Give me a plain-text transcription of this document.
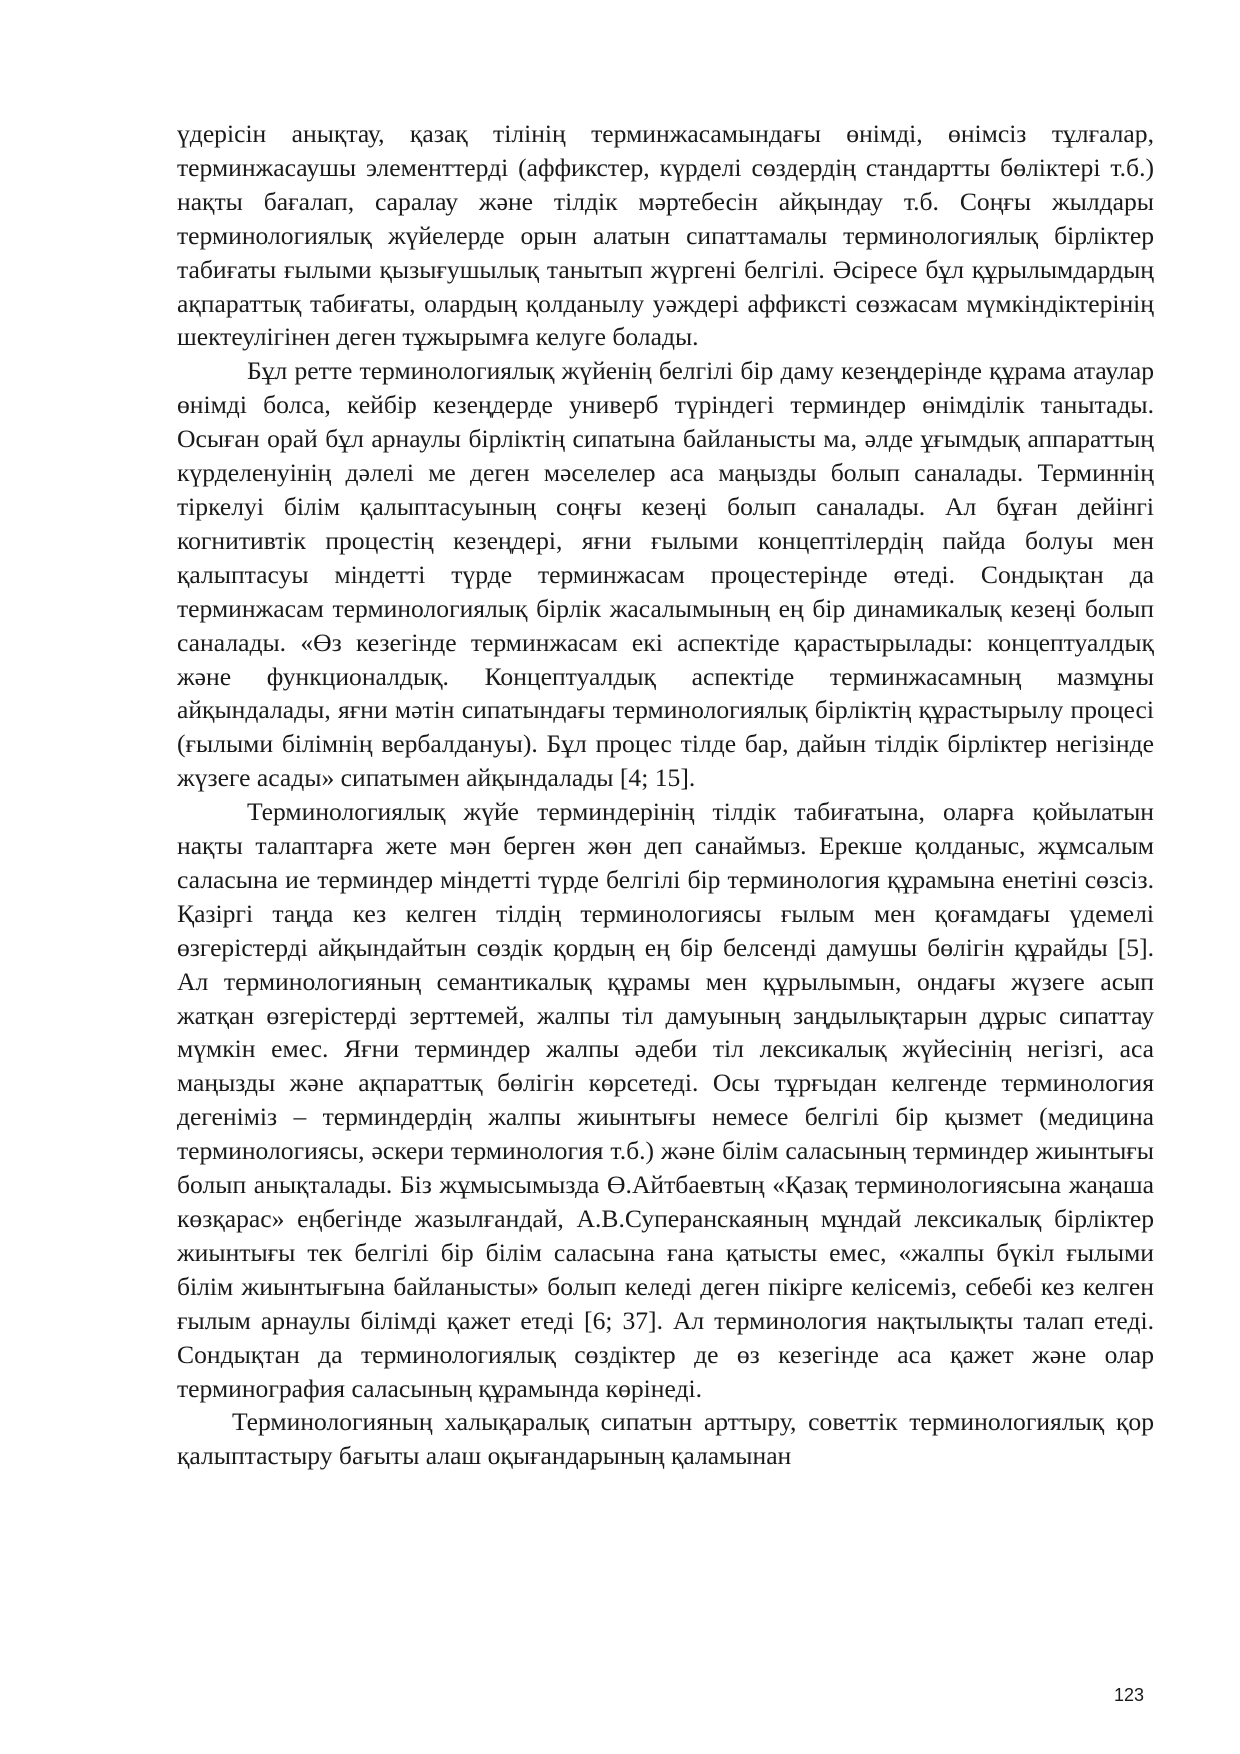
үдерісін анықтау, қазақ тілінің терминжасамындағы өнімді, өнімсіз тұлғалар, терминжасаушы элементтерді (аффикстер, күрделі сөздердің стандартты бөліктері т.б.) нақты бағалап, саралау және тілдік мәртебесін айқындау т.б. Соңғы жылдары терминологиялық жүйелерде орын алатын сипаттамалы терминологиялық бірліктер табиғаты ғылыми қызығушылық танытып жүргені белгілі. Әсіресе бұл құрылымдардың ақпараттық табиғаты, олардың қолданылу уәждері аффиксті сөзжасам мүмкіндіктерінің шектеулігінен деген тұжырымға келуге болады.

Бұл ретте терминологиялық жүйенің белгілі бір даму кезеңдерінде құрама атаулар өнімді болса, кейбір кезеңдерде универб түріндегі терминдер өнімділік танытады. Осыған орай бұл арнаулы бірліктің сипатына байланысты ма, әлде ұғымдық аппараттың күрделенуінің дәлелі ме деген мәселелер аса маңызды болып саналады. Терминнің тіркелуі білім қалыптасуының соңғы кезеңі болып саналады. Ал бұған дейінгі когнитивтік процестің кезеңдері, яғни ғылыми концептілердің пайда болуы мен қалыптасуы міндетті түрде терминжасам процестерінде өтеді. Сондықтан да терминжасам терминологиялық бірлік жасалымының ең бір динамикалық кезеңі болып саналады. «Өз кезегінде терминжасам екі аспектіде қарастырылады: концептуалдық және функционалдық. Концептуалдық аспектіде терминжасамның мазмұны айқындалады, яғни мәтін сипатындағы терминологиялық бірліктің құрастырылу процесі (ғылыми білімнің вербалдануы). Бұл процес тілде бар, дайын тілдік бірліктер негізінде жүзеге асады» сипатымен айқындалады [4; 15].

Терминологиялық жүйе терминдерінің тілдік табиғатына, оларға қойылатын нақты талаптарға жете мән берген жөн деп санаймыз. Ерекше қолданыс, жұмсалым саласына ие терминдер міндетті түрде белгілі бір терминология құрамына енетіні сөзсіз. Қазіргі таңда кез келген тілдің терминологиясы ғылым мен қоғамдағы үдемелі өзгерістерді айқындайтын сөздік қордың ең бір белсенді дамушы бөлігін құрайды [5]. Ал терминологияның семантикалық құрамы мен құрылымын, ондағы жүзеге асып жатқан өзгерістерді зерттемей, жалпы тіл дамуының заңдылықтарын дұрыс сипаттау мүмкін емес. Яғни терминдер жалпы әдеби тіл лексикалық жүйесінің негізгі, аса маңызды және ақпараттық бөлігін көрсетеді. Осы тұрғыдан келгенде терминология дегеніміз – терминдердің жалпы жиынтығы немесе белгілі бір қызмет (медицина терминологиясы, әскери терминология т.б.) және білім саласының терминдер жиынтығы болып анықталады. Біз жұмысымызда Ө.Айтбаевтың «Қазақ терминологиясына жаңаша көзқарас» еңбегінде жазылғандай, А.В.Суперанскаяның мұндай лексикалық бірліктер жиынтығы тек белгілі бір білім саласына ғана қатысты емес, «жалпы бүкіл ғылыми білім жиынтығына байланысты» болып келеді деген пікірге келісеміз, себебі кез келген ғылым арнаулы білімді қажет етеді [6; 37]. Ал терминология нақтылықты талап етеді. Сондықтан да терминологиялық сөздіктер де өз кезегінде аса қажет және олар терминография саласының құрамында көрінеді.

Терминологияның халықаралық сипатын арттыру, советтік терминологиялық қор қалыптастыру бағыты алаш оқығандарының қаламынан

123
